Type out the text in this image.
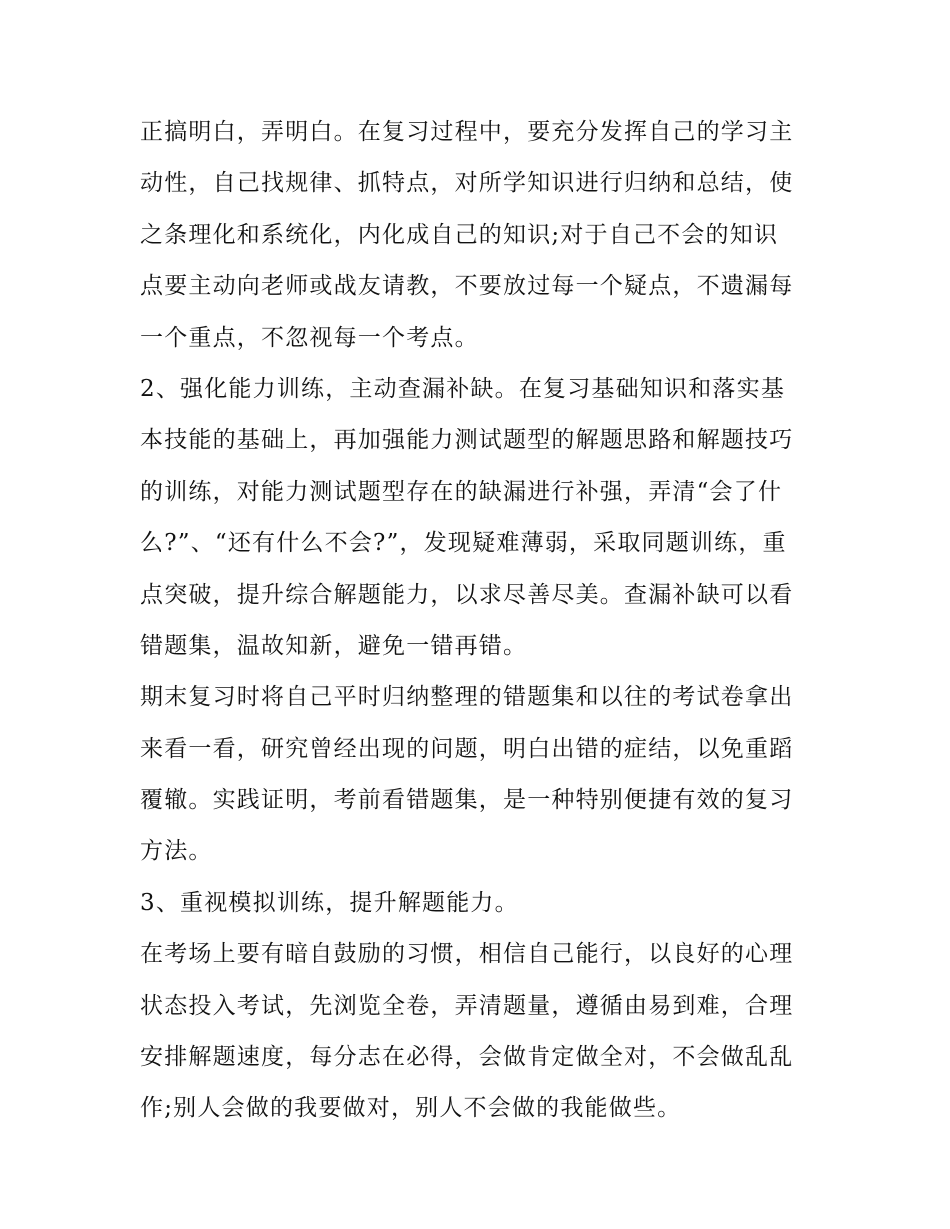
正搞明白，弄明白。在复习过程中，要充分发挥自己的学习主
动性，自己找规律、抓特点，对所学知识进行归纳和总结，使
之条理化和系统化，内化成自己的知识;对于自己不会的知识
点要主动向老师或战友请教，不要放过每一个疑点，不遗漏每
一个重点，不忽视每一个考点。
2、强化能力训练，主动查漏补缺。在复习基础知识和落实基
本技能的基础上，再加强能力测试题型的解题思路和解题技巧
的训练，对能力测试题型存在的缺漏进行补强，弄清“会了什
么?”、“还有什么不会?”，发现疑难薄弱，采取同题训练，重
点突破，提升综合解题能力，以求尽善尽美。查漏补缺可以看
错题集，温故知新，避免一错再错。
期末复习时将自己平时归纳整理的错题集和以往的考试卷拿出
来看一看，研究曾经出现的问题，明白出错的症结，以免重蹈
覆辙。实践证明，考前看错题集，是一种特别便捷有效的复习
方法。
3、重视模拟训练，提升解题能力。
在考场上要有暗自鼓励的习惯，相信自己能行，以良好的心理
状态投入考试，先浏览全卷，弄清题量，遵循由易到难，合理
安排解题速度，每分志在必得，会做肯定做全对，不会做乱乱
作;别人会做的我要做对，别人不会做的我能做些。
